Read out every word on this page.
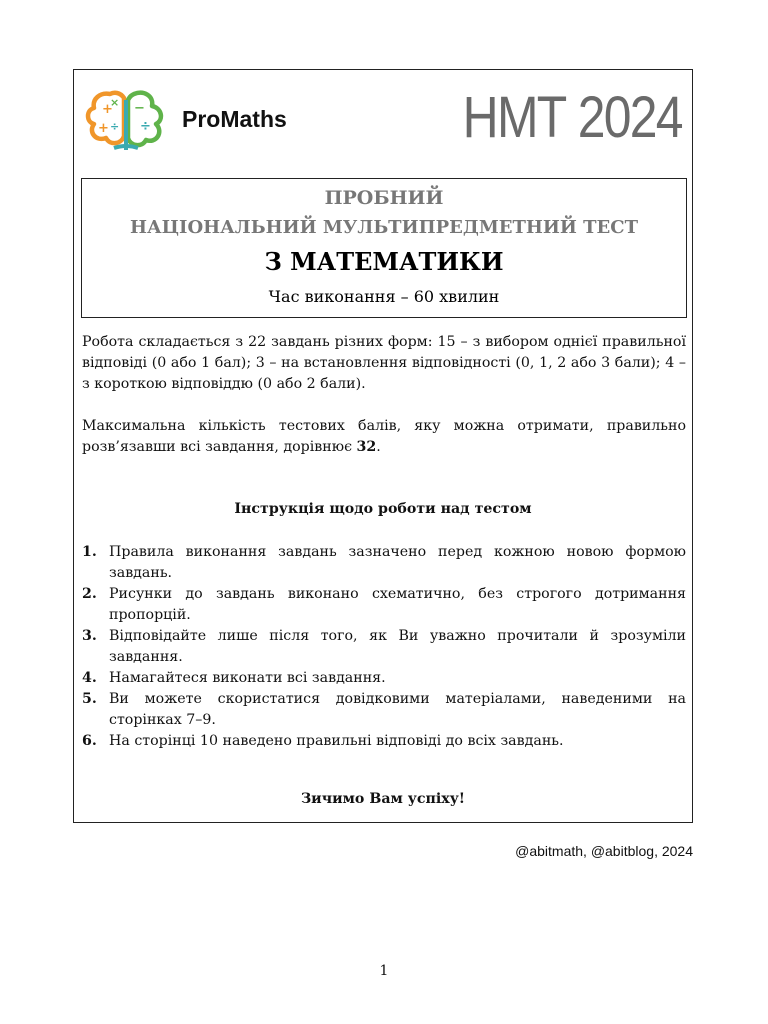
+
×
+
−
÷
÷	ProMaths	НМТ 2024
ПРОБНИЙ
НАЦІОНАЛЬНИЙ МУЛЬТИПРЕДМЕТНИЙ ТЕСТ
З МАТЕМАТИКИ
Час виконання – 60 хвилин

Робота складається з 22 завдань різних форм: 15 – з вибором однієї правильної відповіді (0 або 1 бал); 3 – на встановлення відповідності (0, 1, 2 або 3 бали); 4 – з короткою відповіддю (0 або 2 бали).

Максимальна кількість тестових балів, яку можна отримати, правильно розв’язавши всі завдання, дорівнює 32.

Інструкція щодо роботи над тестом
1. Правила виконання завдань зазначено перед кожною новою формою завдань.
2. Рисунки до завдань виконано схематично, без строгого дотримання пропорцій.
3. Відповідайте лише після того, як Ви уважно прочитали й зрозуміли завдання.
4. Намагайтеся виконати всі завдання.
5. Ви можете скористатися довідковими матеріалами, наведеними на сторінках 7–9.
6. На сторінці 10 наведено правильні відповіді до всіх завдань.
Зичимо Вам успіху!
@abitmath, @abitblog, 2024
1
